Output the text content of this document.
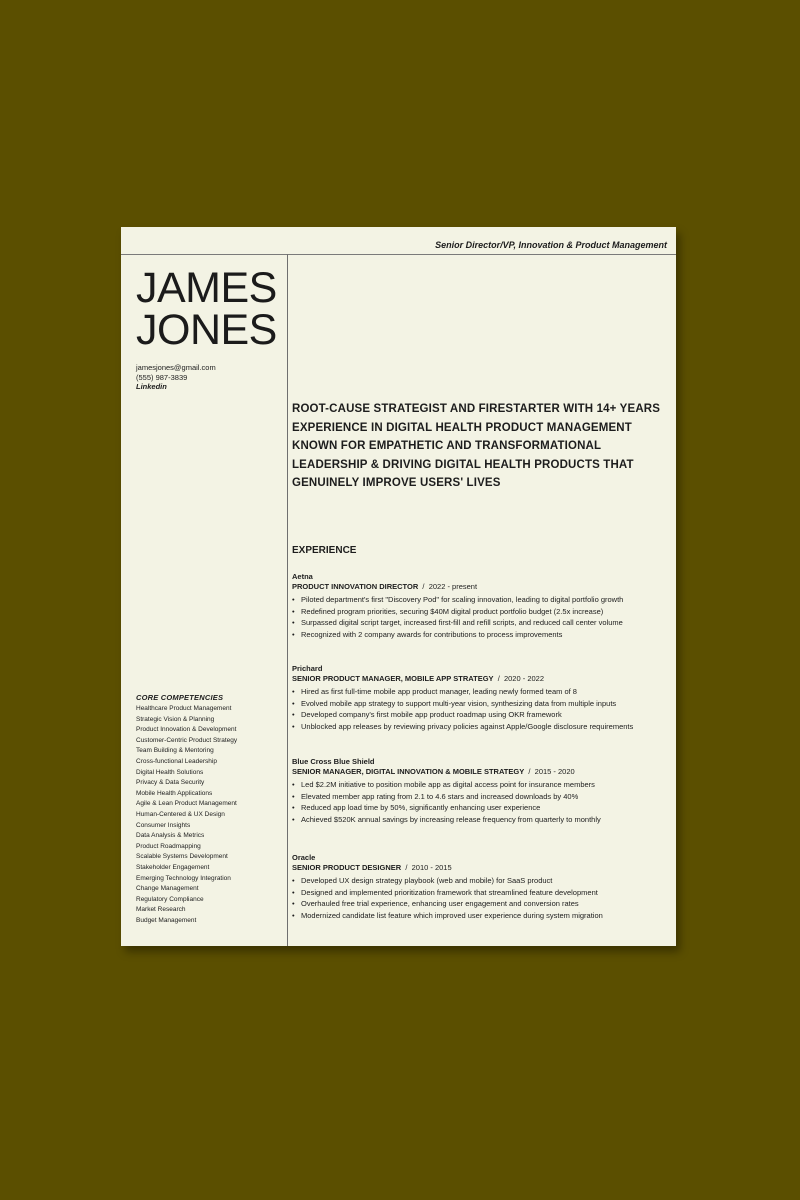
Senior Director/VP, Innovation & Product Management
JAMES
JONES
jamesjones@gmail.com
(555) 987-3839
Linkedin
CORE COMPETENCIES
Healthcare Product Management
Strategic Vision & Planning
Product Innovation & Development
Customer-Centric Product Strategy
Team Building & Mentoring
Cross-functional Leadership
Digital Health Solutions
Privacy & Data Security
Mobile Health Applications
Agile & Lean Product Management
Human-Centered & UX Design
Consumer Insights
Data Analysis & Metrics
Product Roadmapping
Scalable Systems Development
Stakeholder Engagement
Emerging Technology Integration
Change Management
Regulatory Compliance
Market Research
Budget Management
ROOT-CAUSE STRATEGIST AND FIRESTARTER WITH 14+ YEARS EXPERIENCE IN DIGITAL HEALTH PRODUCT MANAGEMENT KNOWN FOR EMPATHETIC AND TRANSFORMATIONAL LEADERSHIP & DRIVING DIGITAL HEALTH PRODUCTS THAT GENUINELY IMPROVE USERS' LIVES
EXPERIENCE
Aetna
PRODUCT INNOVATION DIRECTOR  /  2022 - present
• Piloted department's first "Discovery Pod" for scaling innovation, leading to digital portfolio growth
• Redefined program priorities, securing $40M digital product portfolio budget (2.5x increase)
• Surpassed digital script target, increased first-fill and refill scripts, and reduced call center volume
• Recognized with 2 company awards for contributions to process improvements
Prichard
SENIOR PRODUCT MANAGER, MOBILE APP STRATEGY  /  2020 - 2022
• Hired as first full-time mobile app product manager, leading newly formed team of 8
• Evolved mobile app strategy to support multi-year vision, synthesizing data from multiple inputs
• Developed company's first mobile app product roadmap using OKR framework
• Unblocked app releases by reviewing privacy policies against Apple/Google disclosure requirements
Blue Cross Blue Shield
SENIOR MANAGER, DIGITAL INNOVATION & MOBILE STRATEGY  /  2015 - 2020
• Led $2.2M initiative to position mobile app as digital access point for insurance members
• Elevated member app rating from 2.1 to 4.6 stars and increased downloads by 40%
• Reduced app load time by 50%, significantly enhancing user experience
• Achieved $520K annual savings by increasing release frequency from quarterly to monthly
Oracle
SENIOR PRODUCT DESIGNER  /  2010 - 2015
• Developed UX design strategy playbook (web and mobile) for SaaS product
• Designed and implemented prioritization framework that streamlined feature development
• Overhauled free trial experience, enhancing user engagement and conversion rates
• Modernized candidate list feature which improved user experience during system migration
